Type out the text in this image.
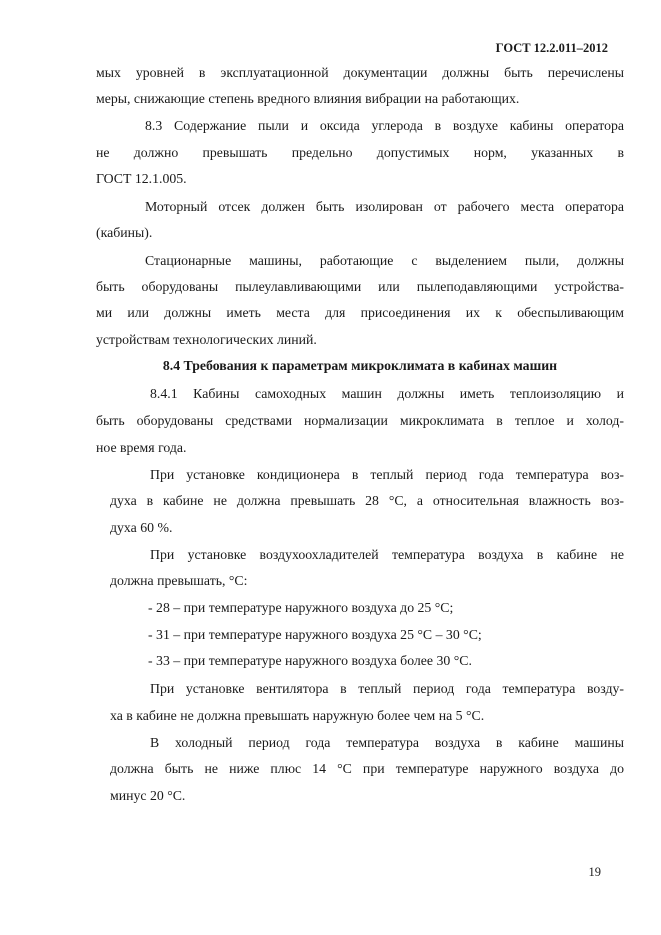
ГОСТ 12.2.011–2012
мых уровней в эксплуатационной документации должны быть перечислены
меры, снижающие степень вредного влияния вибрации на работающих.
8.3 Содержание пыли и оксида углерода в воздухе кабины оператора
не должно превышать предельно допустимых норм, указанных в
ГОСТ 12.1.005.
Моторный отсек должен быть изолирован от рабочего места оператора
(кабины).
Стационарные машины, работающие с выделением пыли, должны
быть оборудованы пылеулавливающими или пылеподавляющими устройства-
ми или должны иметь места для присоединения их к обеспыливающим
устройствам технологических линий.
8.4 Требования к параметрам микроклимата в кабинах машин
8.4.1 Кабины самоходных машин должны иметь теплоизоляцию и
быть оборудованы средствами нормализации микроклимата в теплое и холод-
ное время года.
При установке кондиционера в теплый период года температура воз-
духа в кабине не должна превышать 28 °С, а относительная влажность воз-
духа 60 %.
При установке воздухоохладителей температура воздуха в кабине не
должна превышать, °С:
- 28 – при температуре наружного воздуха до 25 °С;
- 31 – при температуре наружного воздуха 25 °С – 30 °С;
- 33 – при температуре наружного воздуха более 30 °С.
При установке вентилятора в теплый период года температура возду-
ха в кабине не должна превышать наружную более чем на 5 °С.
В холодный период года температура воздуха в кабине машины
должна быть не ниже плюс 14 °С при температуре наружного воздуха до
минус 20 °С.
19
